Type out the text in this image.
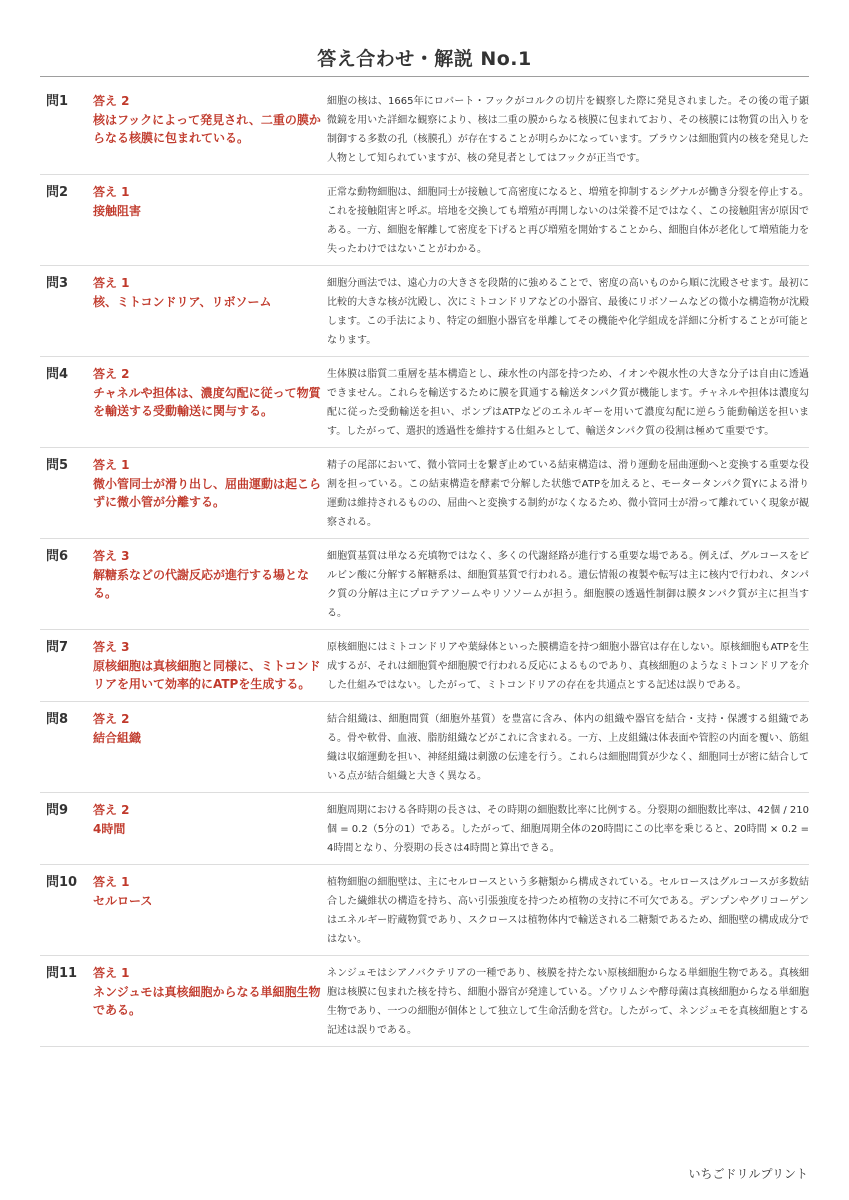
答え合わせ・解説 No.1
問1	答え 2
核はフックによって発見され、二重の膜からなる核膜に包まれている。
細胞の核は、1665年にロバート・フックがコルクの切片を観察した際に発見されました。その後の電子顕微鏡を用いた詳細な観察により、核は二重の膜からなる核膜に包まれており、その核膜には物質の出入りを制御する多数の孔（核膜孔）が存在することが明らかになっています。ブラウンは細胞質内の核を発見した人物として知られていますが、核の発見者としてはフックが正当です。
問2	答え 1
接触阻害
正常な動物細胞は、細胞同士が接触して高密度になると、増殖を抑制するシグナルが働き分裂を停止する。これを接触阻害と呼ぶ。培地を交換しても増殖が再開しないのは栄養不足ではなく、この接触阻害が原因である。一方、細胞を解離して密度を下げると再び増殖を開始することから、細胞自体が老化して増殖能力を失ったわけではないことがわかる。
問3	答え 1
核、ミトコンドリア、リボソーム
細胞分画法では、遠心力の大きさを段階的に強めることで、密度の高いものから順に沈殿させます。最初に比較的大きな核が沈殿し、次にミトコンドリアなどの小器官、最後にリボソームなどの微小な構造物が沈殿します。この手法により、特定の細胞小器官を単離してその機能や化学組成を詳細に分析することが可能となります。
問4	答え 2
チャネルや担体は、濃度勾配に従って物質を輸送する受動輸送に関与する。
生体膜は脂質二重層を基本構造とし、疎水性の内部を持つため、イオンや親水性の大きな分子は自由に透過できません。これらを輸送するために膜を貫通する輸送タンパク質が機能します。チャネルや担体は濃度勾配に従った受動輸送を担い、ポンプはATPなどのエネルギーを用いて濃度勾配に逆らう能動輸送を担います。したがって、選択的透過性を維持する仕組みとして、輸送タンパク質の役割は極めて重要です。
問5	答え 1
微小管同士が滑り出し、屈曲運動は起こらずに微小管が分離する。
精子の尾部において、微小管同士を繋ぎ止めている結束構造は、滑り運動を屈曲運動へと変換する重要な役割を担っている。この結束構造を酵素で分解した状態でATPを加えると、モータータンパク質Yによる滑り運動は維持されるものの、屈曲へと変換する制約がなくなるため、微小管同士が滑って離れていく現象が観察される。
問6	答え 3
解糖系などの代謝反応が進行する場となる。
細胞質基質は単なる充填物ではなく、多くの代謝経路が進行する重要な場である。例えば、グルコースをピルビン酸に分解する解糖系は、細胞質基質で行われる。遺伝情報の複製や転写は主に核内で行われ、タンパク質の分解は主にプロテアソームやリソソームが担う。細胞膜の透過性制御は膜タンパク質が主に担当する。
問7	答え 3
原核細胞は真核細胞と同様に、ミトコンドリアを用いて効率的にATPを生成する。
原核細胞にはミトコンドリアや葉緑体といった膜構造を持つ細胞小器官は存在しない。原核細胞もATPを生成するが、それは細胞質や細胞膜で行われる反応によるものであり、真核細胞のようなミトコンドリアを介した仕組みではない。したがって、ミトコンドリアの存在を共通点とする記述は誤りである。
問8	答え 2
結合組織
結合組織は、細胞間質（細胞外基質）を豊富に含み、体内の組織や器官を結合・支持・保護する組織である。骨や軟骨、血液、脂肪組織などがこれに含まれる。一方、上皮組織は体表面や管腔の内面を覆い、筋組織は収縮運動を担い、神経組織は刺激の伝達を行う。これらは細胞間質が少なく、細胞同士が密に結合している点が結合組織と大きく異なる。
問9	答え 2
4時間
細胞周期における各時期の長さは、その時期の細胞数比率に比例する。分裂期の細胞数比率は、42個 / 210個 = 0.2（5分の1）である。したがって、細胞周期全体の20時間にこの比率を乗じると、20時間 × 0.2 = 4時間となり、分裂期の長さは4時間と算出できる。
問10	答え 1
セルロース
植物細胞の細胞壁は、主にセルロースという多糖類から構成されている。セルロースはグルコースが多数結合した繊維状の構造を持ち、高い引張強度を持つため植物の支持に不可欠である。デンプンやグリコーゲンはエネルギー貯蔵物質であり、スクロースは植物体内で輸送される二糖類であるため、細胞壁の構成成分ではない。
問11	答え 1
ネンジュモは真核細胞からなる単細胞生物である。
ネンジュモはシアノバクテリアの一種であり、核膜を持たない原核細胞からなる単細胞生物である。真核細胞は核膜に包まれた核を持ち、細胞小器官が発達している。ゾウリムシや酵母菌は真核細胞からなる単細胞生物であり、一つの細胞が個体として独立して生命活動を営む。したがって、ネンジュモを真核細胞とする記述は誤りである。
いちごドリルプリント
